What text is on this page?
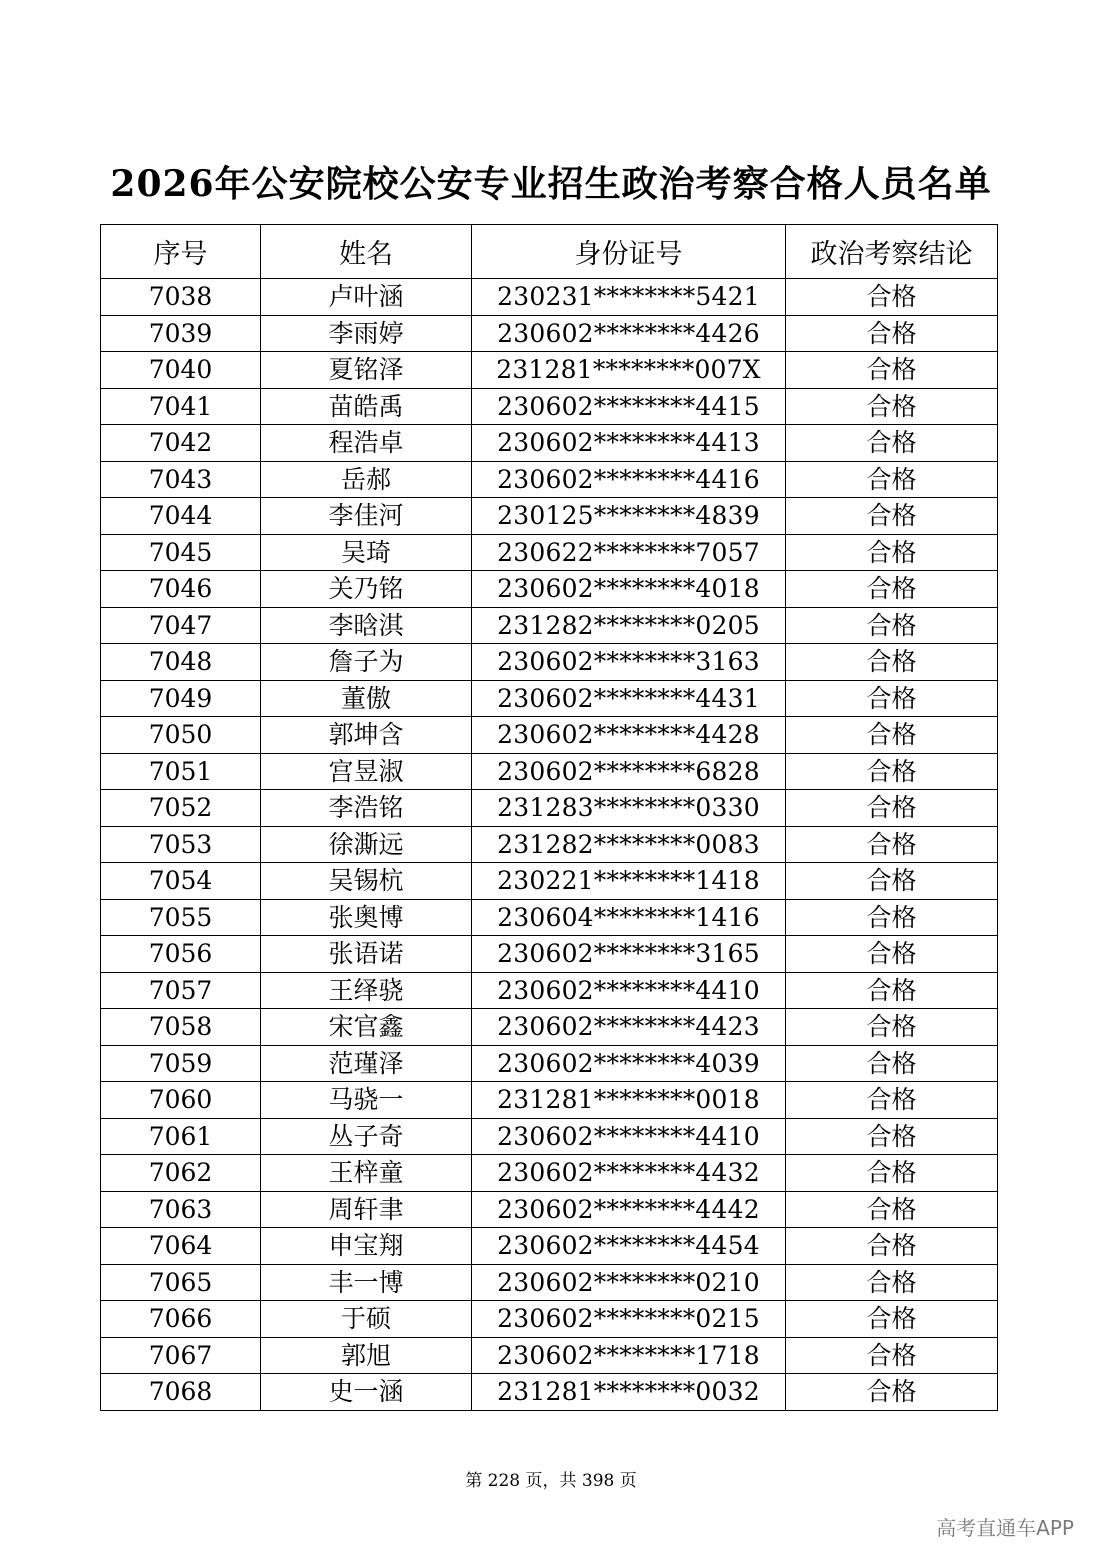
2026年公安院校公安专业招生政治考察合格人员名单
序号	姓名	身份证号	政治考察结论
7038	卢叶涵	230231********5421	合格
7039	李雨婷	230602********4426	合格
7040	夏铭泽	231281********007X	合格
7041	苗皓禹	230602********4415	合格
7042	程浩卓	230602********4413	合格
7043	岳郝	230602********4416	合格
7044	李佳河	230125********4839	合格
7045	吴琦	230622********7057	合格
7046	关乃铭	230602********4018	合格
7047	李晗淇	231282********0205	合格
7048	詹子为	230602********3163	合格
7049	董傲	230602********4431	合格
7050	郭坤含	230602********4428	合格
7051	宫昱淑	230602********6828	合格
7052	李浩铭	231283********0330	合格
7053	徐澌远	231282********0083	合格
7054	吴锡杭	230221********1418	合格
7055	张奥博	230604********1416	合格
7056	张语诺	230602********3165	合格
7057	王绎骁	230602********4410	合格
7058	宋官鑫	230602********4423	合格
7059	范瑾泽	230602********4039	合格
7060	马骁一	231281********0018	合格
7061	丛子奇	230602********4410	合格
7062	王梓童	230602********4432	合格
7063	周轩聿	230602********4442	合格
7064	申宝翔	230602********4454	合格
7065	丰一博	230602********0210	合格
7066	于硕	230602********0215	合格
7067	郭旭	230602********1718	合格
7068	史一涵	231281********0032	合格
第 228 页，共 398 页
高考直通车APP
